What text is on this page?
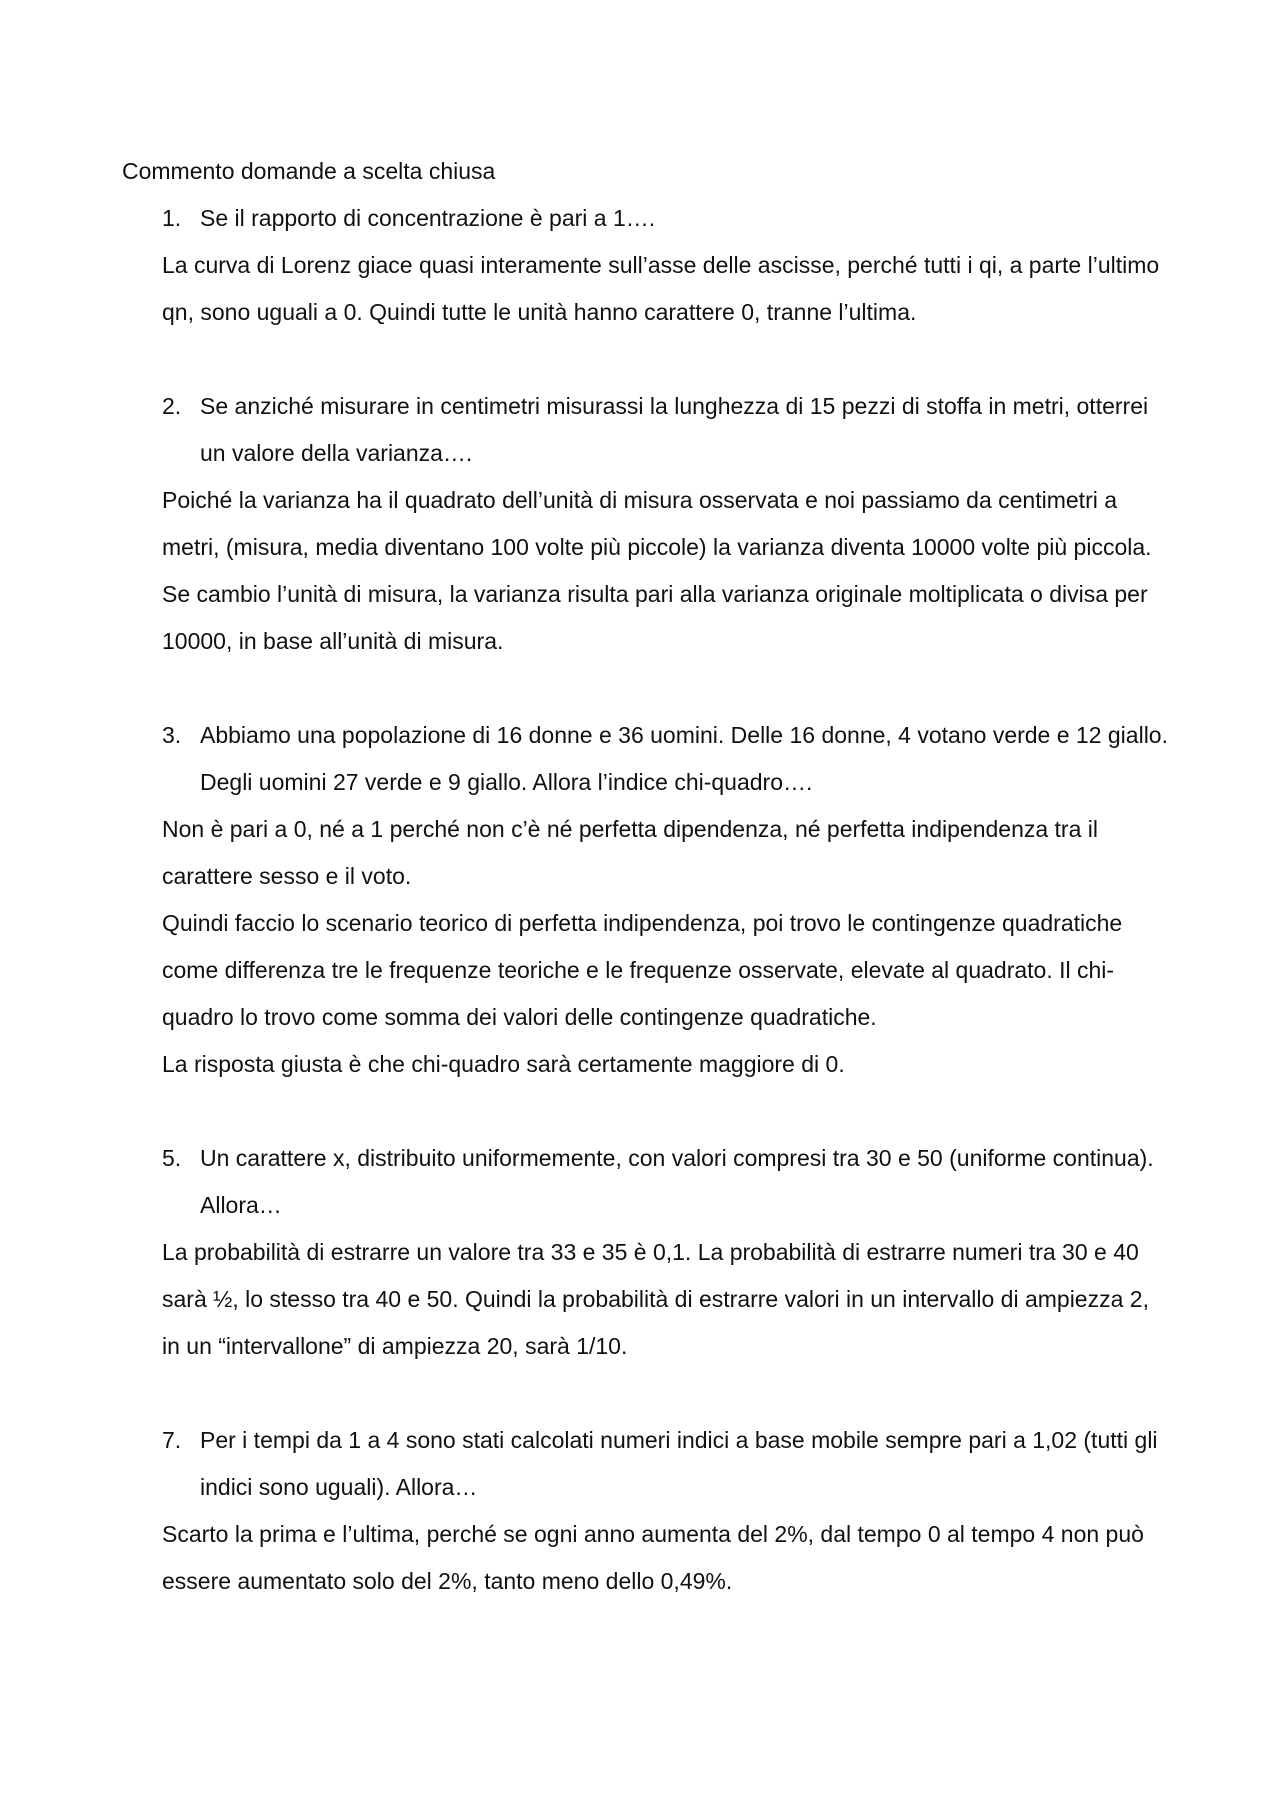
Commento domande a scelta chiusa

1. Se il rapporto di concentrazione è pari a 1….

La curva di Lorenz giace quasi interamente sull’asse delle ascisse, perché tutti i qi, a parte l’ultimo qn, sono uguali a 0. Quindi tutte le unità hanno carattere 0, tranne l’ultima.

2. Se anziché misurare in centimetri misurassi la lunghezza di 15 pezzi di stoffa in metri, otterrei un valore della varianza….

Poiché la varianza ha il quadrato dell’unità di misura osservata e noi passiamo da centimetri a metri, (misura, media diventano 100 volte più piccole) la varianza diventa 10000 volte più piccola. Se cambio l’unità di misura, la varianza risulta pari alla varianza originale moltiplicata o divisa per 10000, in base all’unità di misura.

3. Abbiamo una popolazione di 16 donne e 36 uomini. Delle 16 donne, 4 votano verde e 12 giallo. Degli uomini 27 verde e 9 giallo. Allora l’indice chi-quadro….

Non è pari a 0, né a 1 perché non c’è né perfetta dipendenza, né perfetta indipendenza tra il carattere sesso e il voto.

Quindi faccio lo scenario teorico di perfetta indipendenza, poi trovo le contingenze quadratiche come differenza tre le frequenze teoriche e le frequenze osservate, elevate al quadrato. Il chi-quadro lo trovo come somma dei valori delle contingenze quadratiche.

La risposta giusta è che chi-quadro sarà certamente maggiore di 0.

5. Un carattere x, distribuito uniformemente, con valori compresi tra 30 e 50 (uniforme continua). Allora…

La probabilità di estrarre un valore tra 33 e 35 è 0,1. La probabilità di estrarre numeri tra 30 e 40 sarà ½, lo stesso tra 40 e 50. Quindi la probabilità di estrarre valori in un intervallo di ampiezza 2, in un “intervallone” di ampiezza 20, sarà 1/10.

7. Per i tempi da 1 a 4 sono stati calcolati numeri indici a base mobile sempre pari a 1,02 (tutti gli indici sono uguali). Allora…

Scarto la prima e l’ultima, perché se ogni anno aumenta del 2%, dal tempo 0 al tempo 4 non può essere aumentato solo del 2%, tanto meno dello 0,49%.
